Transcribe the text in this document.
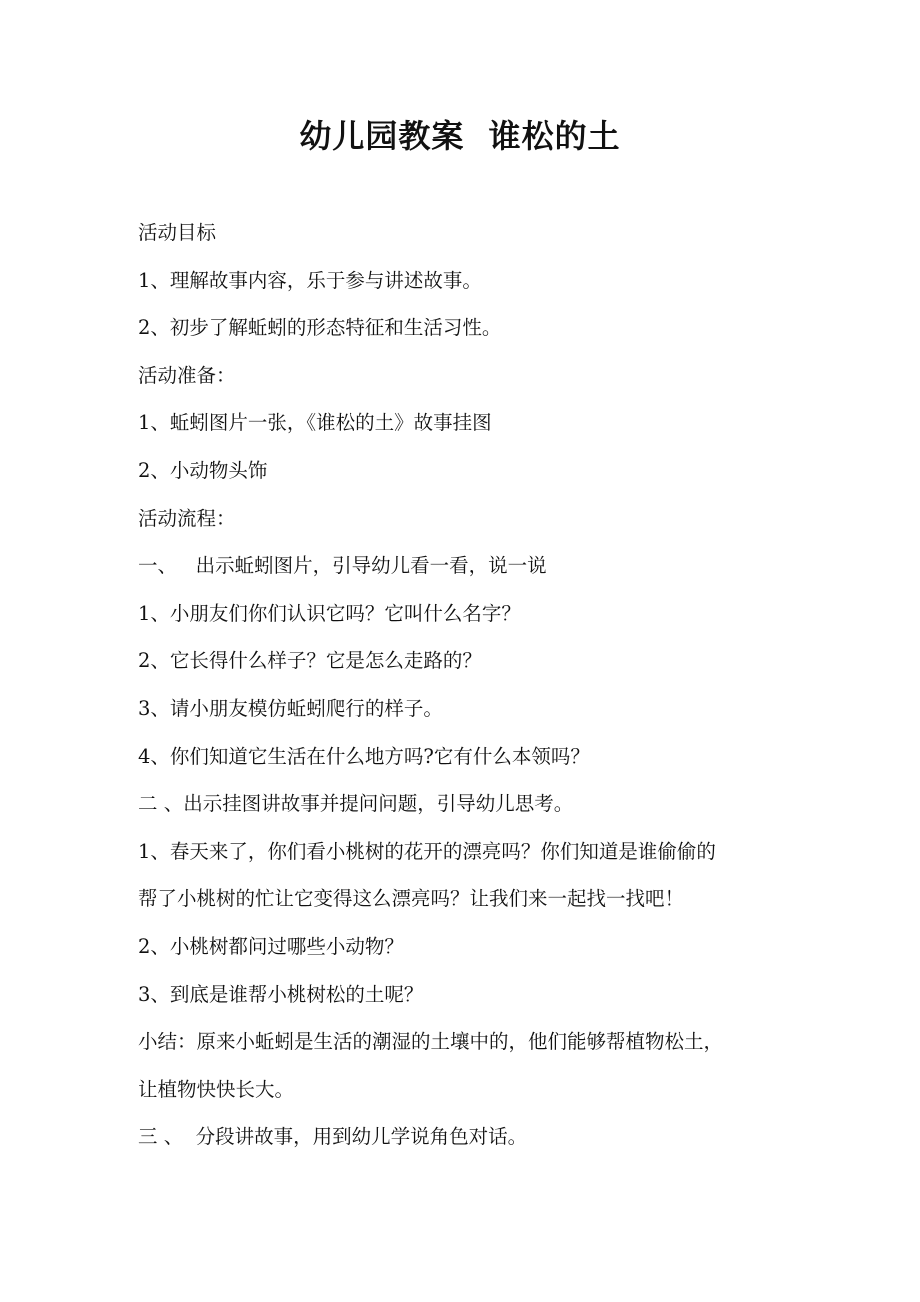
幼儿园教案  谁松的土
活动目标
1、理解故事内容，乐于参与讲述故事。
2、初步了解蚯蚓的形态特征和生活习性。
活动准备：
1、蚯蚓图片一张，《谁松的土》故事挂图
2、小动物头饰
活动流程：
一、   出示蚯蚓图片，引导幼儿看一看，说一说
1、小朋友们你们认识它吗？它叫什么名字？
2、它长得什么样子？它是怎么走路的？
3、请小朋友模仿蚯蚓爬行的样子。
4、你们知道它生活在什么地方吗?它有什么本领吗？
二 、出示挂图讲故事并提问问题，引导幼儿思考。
1、春天来了，你们看小桃树的花开的漂亮吗？你们知道是谁偷偷的
帮了小桃树的忙让它变得这么漂亮吗？让我们来一起找一找吧！
2、小桃树都问过哪些小动物？
3、到底是谁帮小桃树松的土呢？
小结：原来小蚯蚓是生活的潮湿的土壤中的，他们能够帮植物松土，
让植物快快长大。
三 、  分段讲故事，用到幼儿学说角色对话。
